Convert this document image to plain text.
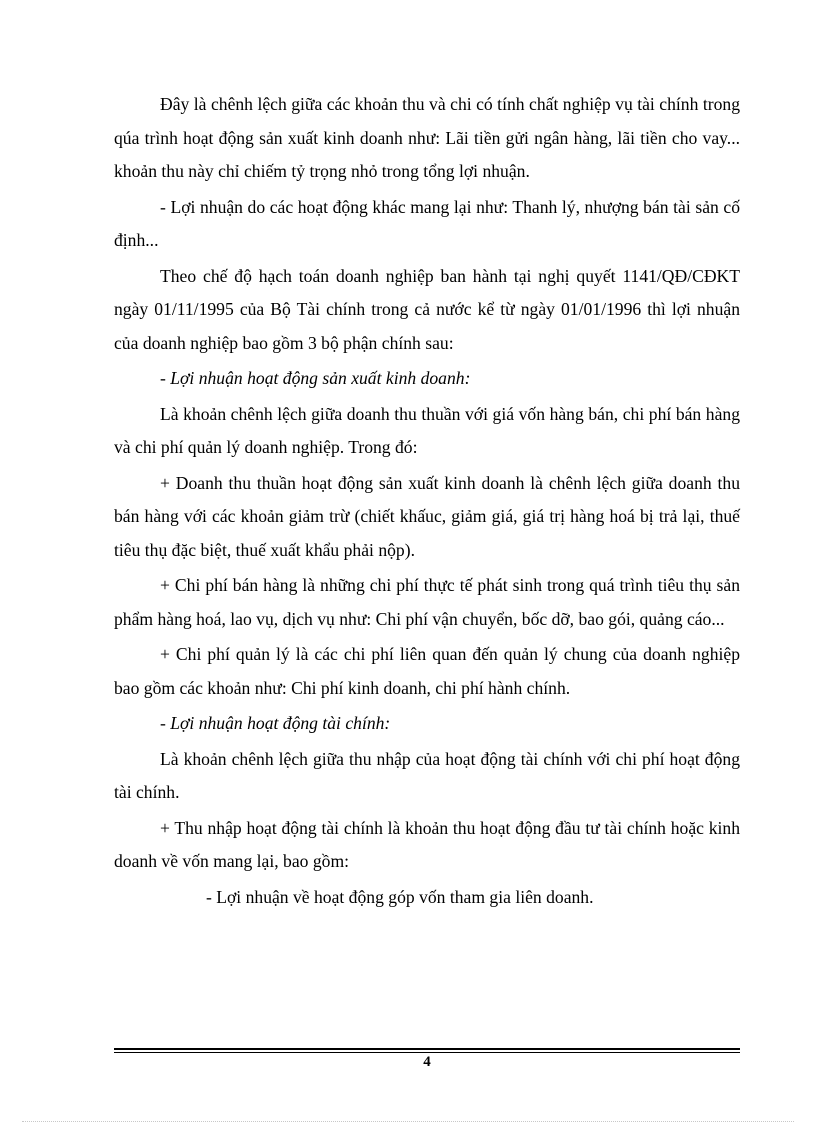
Đây là chênh lệch giữa các khoản thu và chi có tính chất nghiệp vụ tài chính trong qúa trình hoạt động sản xuất kinh doanh như: Lãi tiền gửi ngân hàng, lãi tiền cho vay... khoản thu này chỉ chiếm tỷ trọng nhỏ trong tổng lợi nhuận.

- Lợi nhuận do các hoạt động khác mang lại như: Thanh lý, nhượng bán tài sản cố định...

Theo chế độ hạch toán doanh nghiệp ban hành tại nghị quyết 1141/QĐ/CĐKT ngày 01/11/1995 của Bộ Tài chính trong cả nước kể từ ngày 01/01/1996 thì lợi nhuận của doanh nghiệp bao gồm 3 bộ phận chính sau:

- Lợi nhuận hoạt động sản xuất kinh doanh:

Là khoản chênh lệch giữa doanh thu thuần với giá vốn hàng bán, chi phí bán hàng và chi phí quản lý doanh nghiệp. Trong đó:

+ Doanh thu thuần hoạt động sản xuất kinh doanh là chênh lệch giữa doanh thu bán hàng với các khoản giảm trừ (chiết khấuc, giảm giá, giá trị hàng hoá bị trả lại, thuế tiêu thụ đặc biệt, thuế xuất khẩu phải nộp).

+ Chi phí bán hàng là những chi phí thực tế phát sinh trong quá trình tiêu thụ sản phẩm hàng hoá, lao vụ, dịch vụ như: Chi phí vận chuyển, bốc dỡ, bao gói, quảng cáo...

+ Chi phí quản lý là các chi phí liên quan đến quản lý chung của doanh nghiệp bao gồm các khoản như: Chi phí kinh doanh, chi phí hành chính.

- Lợi nhuận hoạt động tài chính:

Là khoản chênh lệch giữa thu nhập của hoạt động tài chính với chi phí hoạt động tài chính.

+ Thu nhập hoạt động tài chính là khoản thu hoạt động đầu tư tài chính hoặc kinh doanh về vốn mang lại, bao gồm:

- Lợi nhuận về hoạt động góp vốn tham gia liên doanh.

4
